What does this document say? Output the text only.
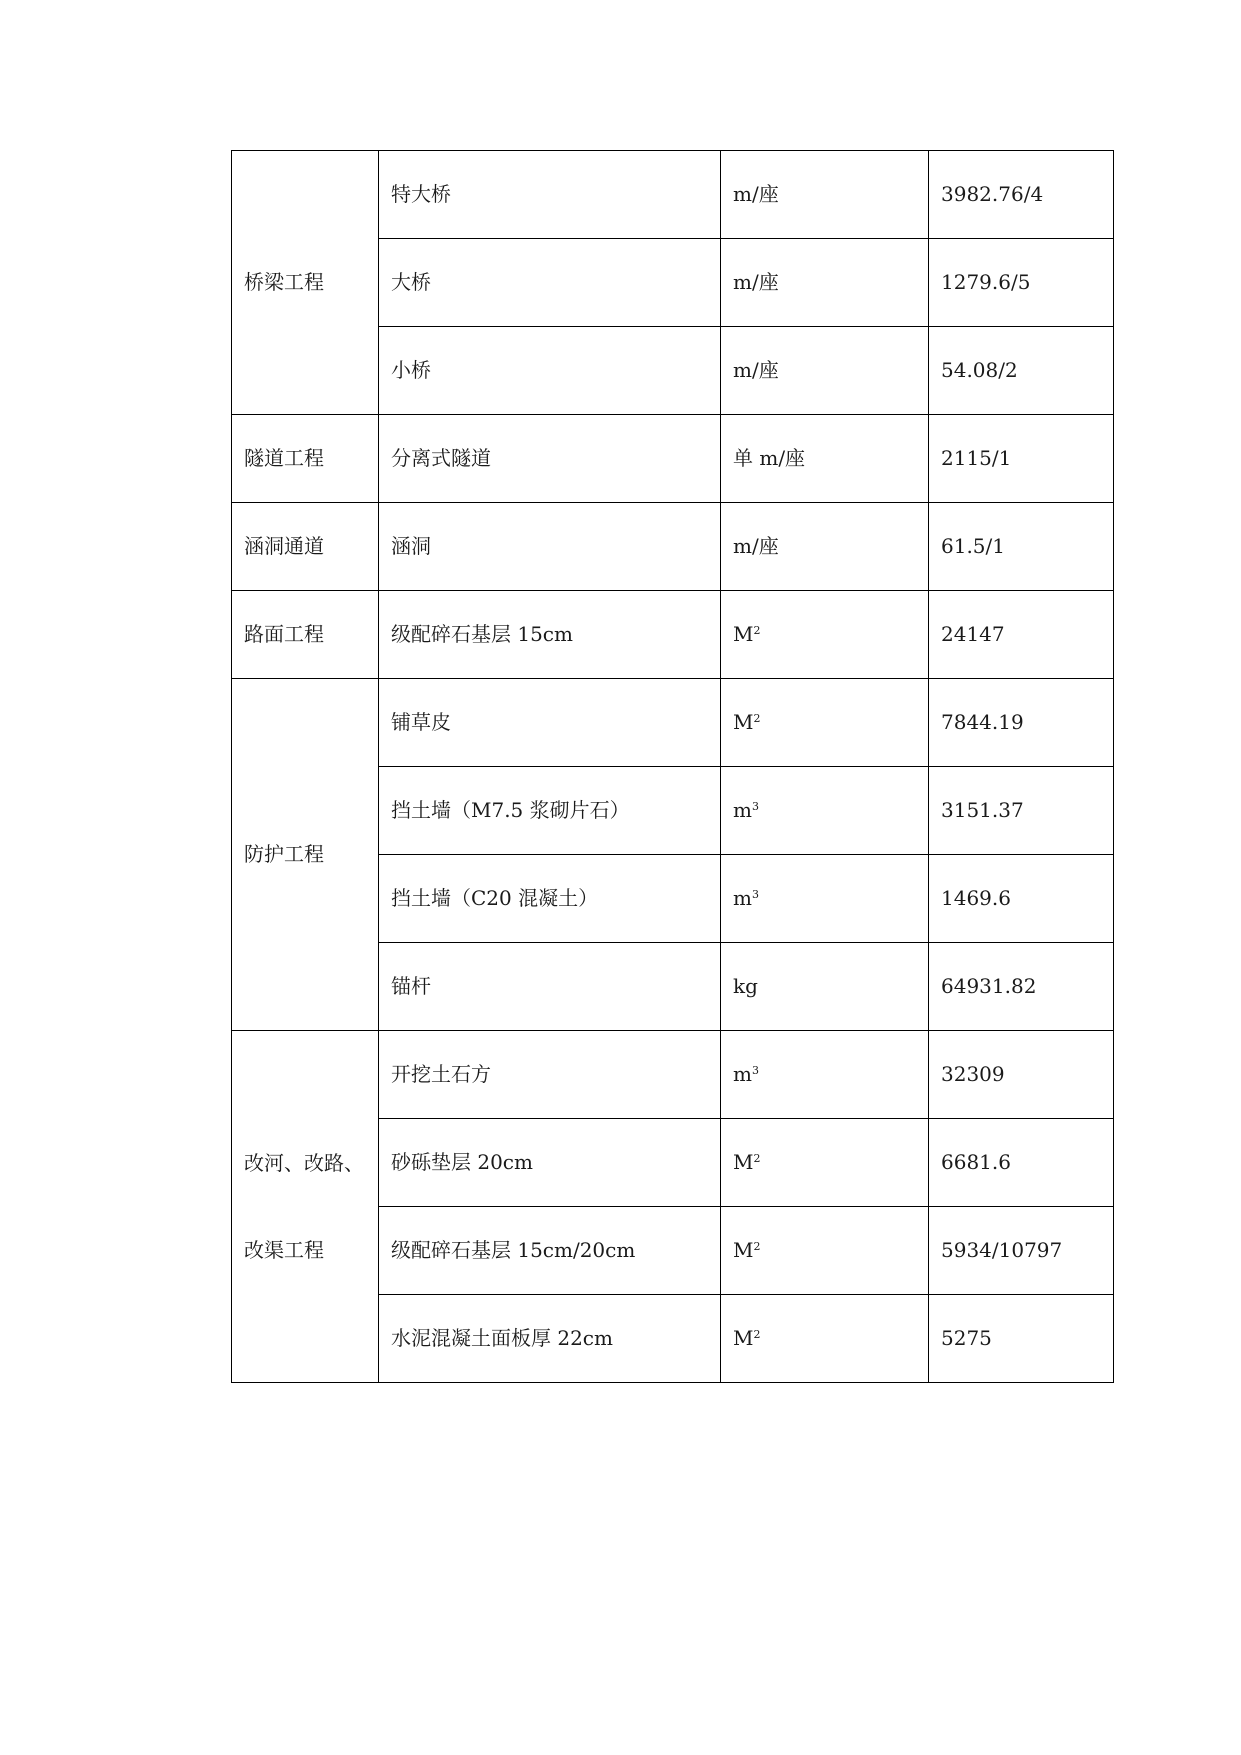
桥梁工程	特大桥	m/座	3982.76/4
	大桥	m/座	1279.6/5
	小桥	m/座	54.08/2
隧道工程	分离式隧道	单 m/座	2115/1
涵洞通道	涵洞	m/座	61.5/1
路面工程	级配碎石基层 15cm	$M^2$	24147
防护工程	铺草皮	$M^2$	7844.19
	挡土墙（M7.5 浆砌片石）	$m^3$	3151.37
	挡土墙（C20 混凝土）	$m^3$	1469.6
	锚杆	kg	64931.82

改河、改路、
改渠工程	开挖土石方	$m^3$	32309
	砂砾垫层 20cm	$M^2$	6681.6
	级配碎石基层 15cm/20cm	$M^2$	5934/10797
	水泥混凝土面板厚 22cm	$M^2$	5275
